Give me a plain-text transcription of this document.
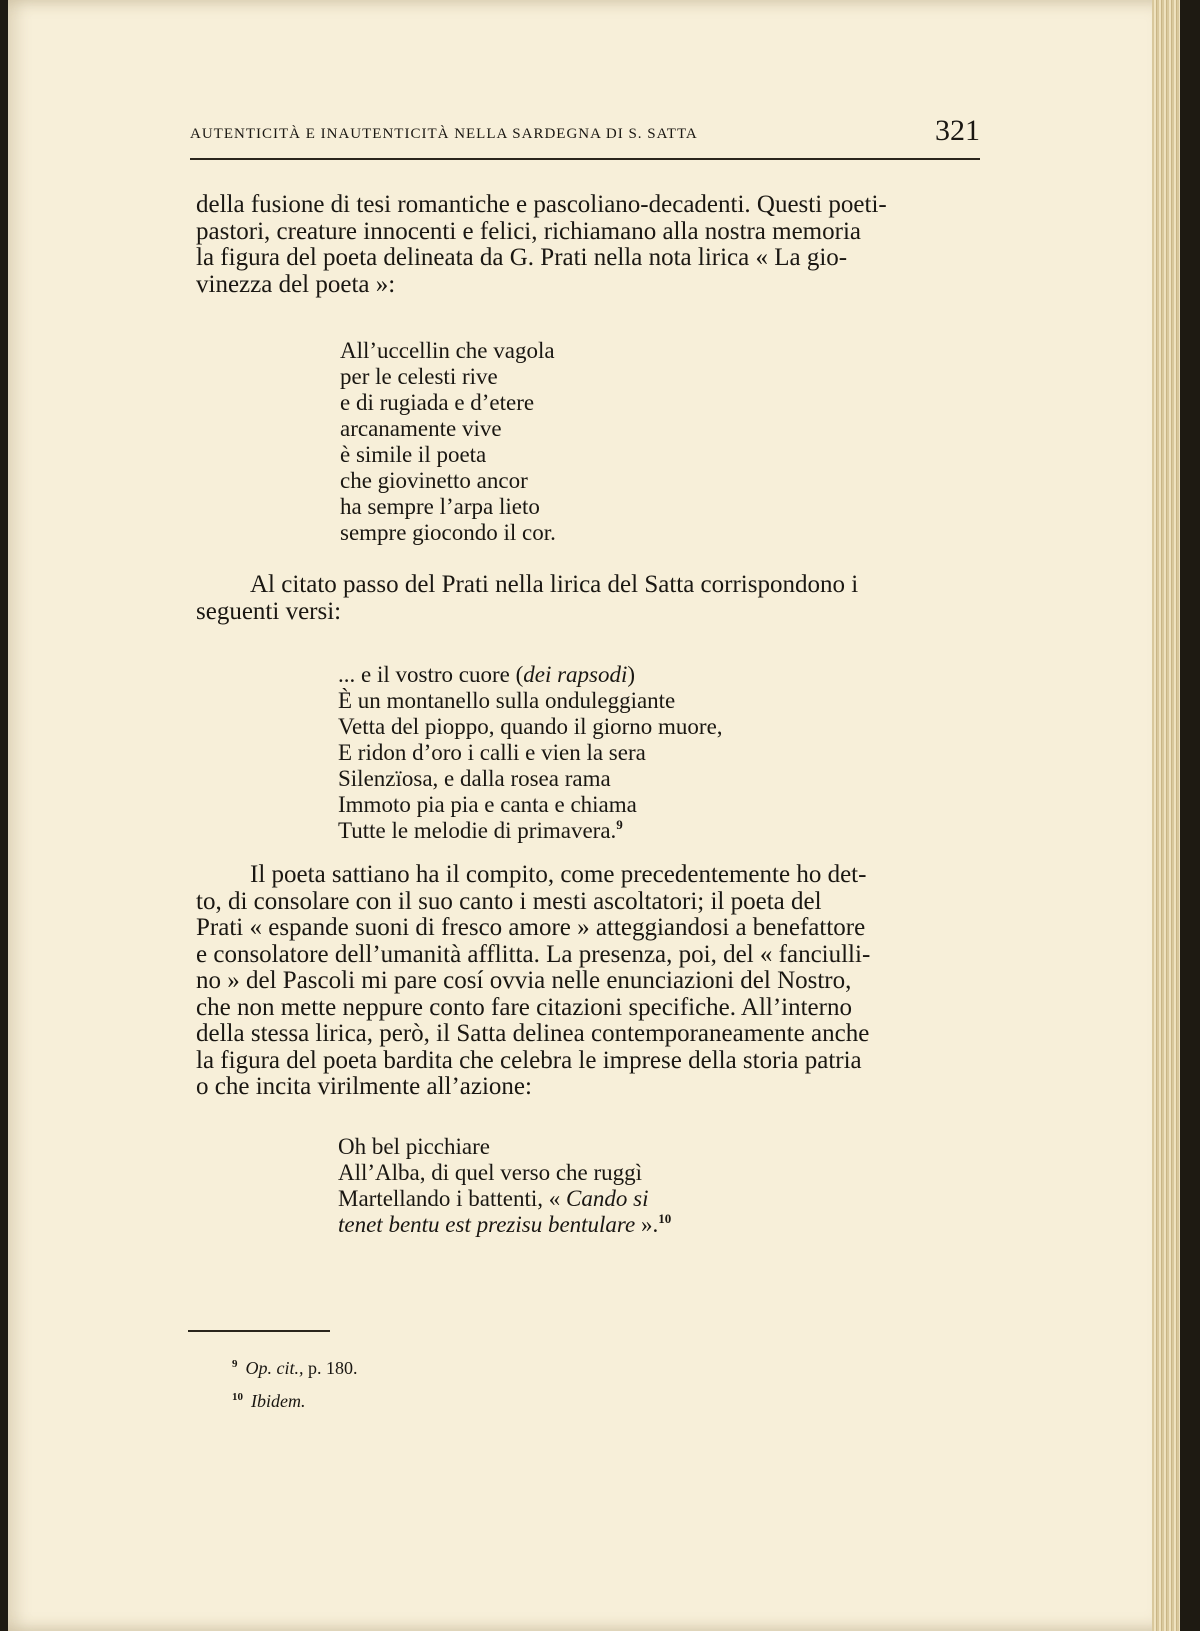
AUTENTICITÀ E INAUTENTICITÀ NELLA SARDEGNA DI S. SATTA	321
della fusione di tesi romantiche e pascoliano-decadenti. Questi poeti-
pastori, creature innocenti e felici, richiamano alla nostra memoria
la figura del poeta delineata da G. Prati nella nota lirica « La gio-
vinezza del poeta »:
All’uccellin che vagola
per le celesti rive
e di rugiada e d’etere
arcanamente vive
è simile il poeta
che giovinetto ancor
ha sempre l’arpa lieto
sempre giocondo il cor.
Al citato passo del Prati nella lirica del Satta corrispondono i
seguenti versi:
... e il vostro cuore (dei rapsodi)
È un montanello sulla onduleggiante
Vetta del pioppo, quando il giorno muore,
E ridon d’oro i calli e vien la sera
Silenzïosa, e dalla rosea rama
Immoto pia pia e canta e chiama
Tutte le melodie di primavera.$^9$
Il poeta sattiano ha il compito, come precedentemente ho det-
to, di consolare con il suo canto i mesti ascoltatori; il poeta del
Prati « espande suoni di fresco amore » atteggiandosi a benefattore
e consolatore dell’umanità afflitta. La presenza, poi, del « fanciulli-
no » del Pascoli mi pare cosí ovvia nelle enunciazioni del Nostro,
che non mette neppure conto fare citazioni specifiche. All’interno
della stessa lirica, però, il Satta delinea contemporaneamente anche
la figura del poeta bardita che celebra le imprese della storia patria
o che incita virilmente all’azione:
Oh bel picchiare
All’Alba, di quel verso che ruggì
Martellando i battenti, « Cando si
tenet bentu est prezisu bentulare ».$^{10}$
$^9$ Op. cit., p. 180.
$^{10}$ Ibidem.
